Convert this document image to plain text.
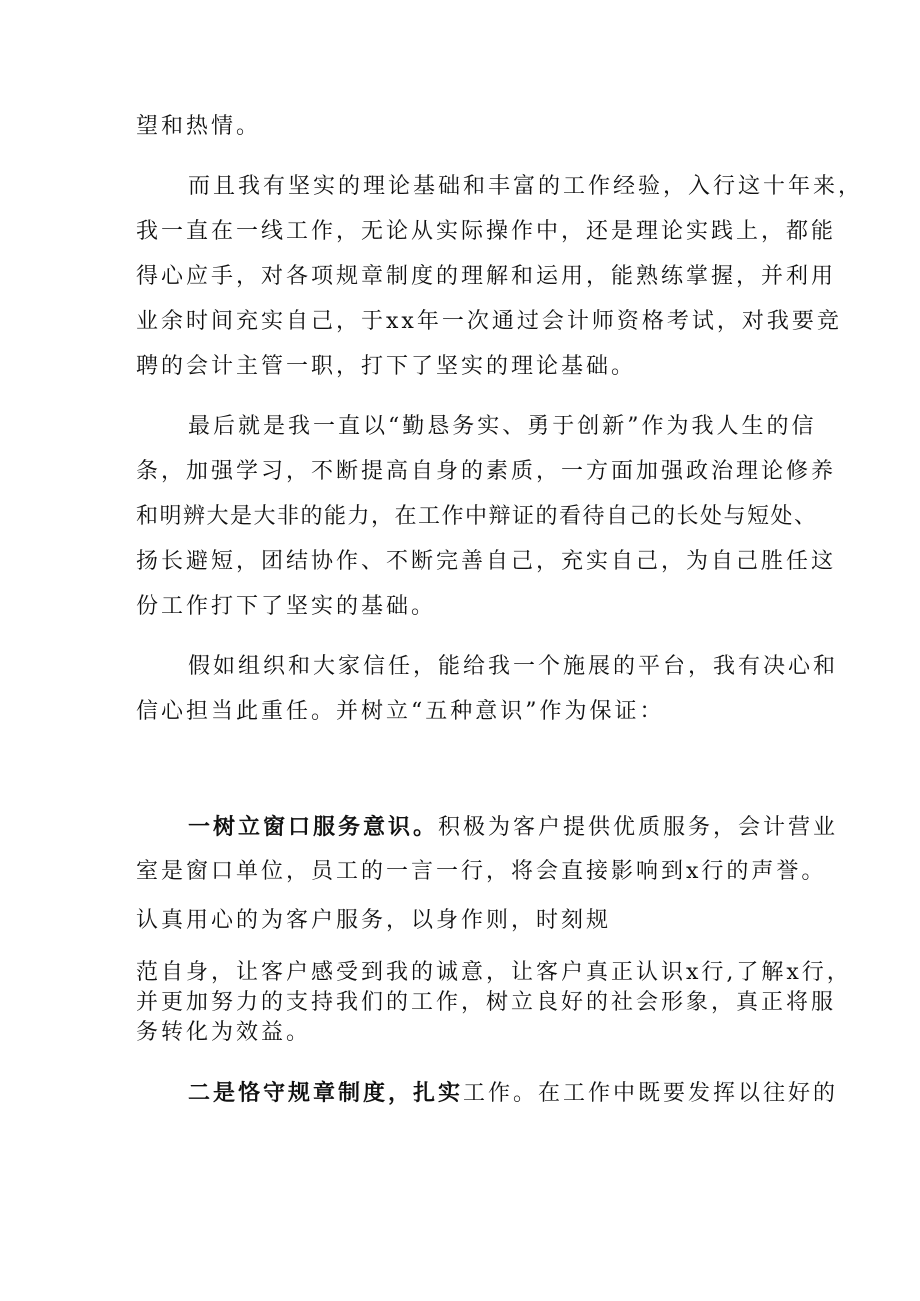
望和热情。
而且我有坚实的理论基础和丰富的工作经验，入行这十年来，
我一直在一线工作，无论从实际操作中，还是理论实践上，都能
得心应手，对各项规章制度的理解和运用，能熟练掌握，并利用
业余时间充实自己，于xx年一次通过会计师资格考试，对我要竞
聘的会计主管一职，打下了坚实的理论基础。
最后就是我一直以“勤恳务实、勇于创新”作为我人生的信
条，加强学习，不断提高自身的素质，一方面加强政治理论修养
和明辨大是大非的能力，在工作中辩证的看待自己的长处与短处、
扬长避短，团结协作、不断完善自己，充实自己，为自己胜任这
份工作打下了坚实的基础。
假如组织和大家信任，能给我一个施展的平台，我有决心和
信心担当此重任。并树立“五种意识”作为保证：
一树立窗口服务意识。积极为客户提供优质服务，会计营业
室是窗口单位，员工的一言一行，将会直接影响到x行的声誉。
认真用心的为客户服务，以身作则，时刻规
范自身，让客户感受到我的诚意，让客户真正认识x行,了解x行，
并更加努力的支持我们的工作，树立良好的社会形象，真正将服
务转化为效益。
二是恪守规章制度，扎实工作。在工作中既要发挥以往好的
